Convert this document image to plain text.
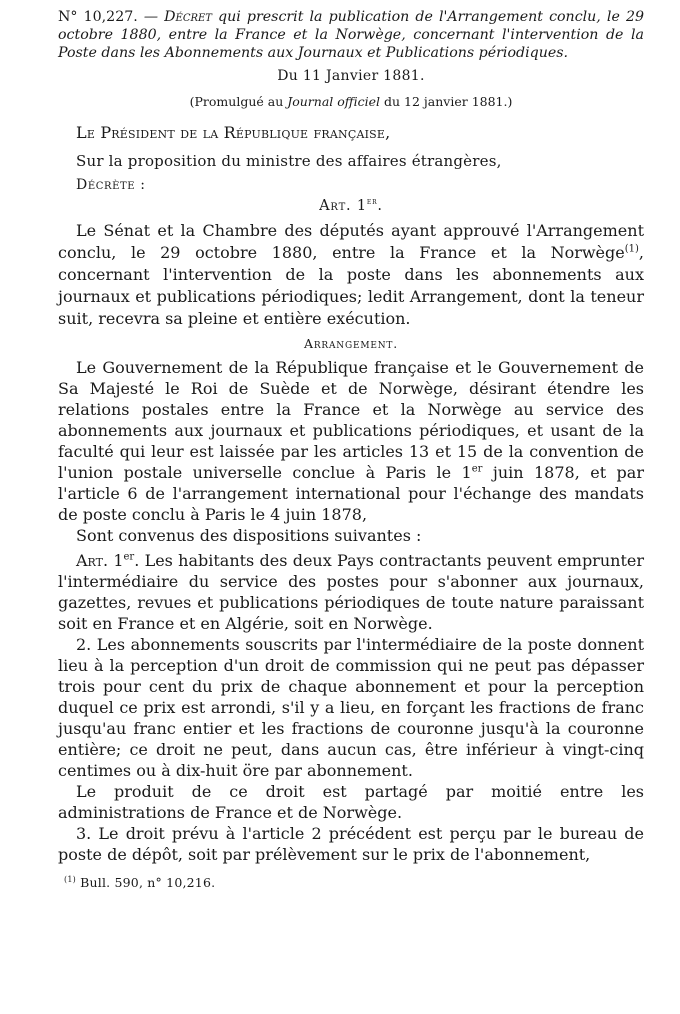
N° 10,227. — Décret qui prescrit la publication de l'Arrangement conclu, le 29 octobre 1880, entre la France et la Norwège, concernant l'intervention de la Poste dans les Abonnements aux Journaux et Publications périodiques.
Du 11 Janvier 1881.
(Promulgué au Journal officiel du 12 janvier 1881.)
Le Président de la République française,
Sur la proposition du ministre des affaires étrangères,
Décrète :
Art. 1er.

Le Sénat et la Chambre des députés ayant approuvé l'Arrangement conclu, le 29 octobre 1880, entre la France et la Norwège$^{(1)}$, concernant l'intervention de la poste dans les abonnements aux journaux et publications périodiques; ledit Arrangement, dont la teneur suit, recevra sa pleine et entière exécution.

Arrangement.

Le Gouvernement de la République française et le Gouvernement de Sa Majesté le Roi de Suède et de Norwège, désirant étendre les relations postales entre la France et la Norwège au service des abonnements aux journaux et publications périodiques, et usant de la faculté qui leur est laissée par les articles 13 et 15 de la convention de l'union postale universelle conclue à Paris le 1er juin 1878, et par l'article 6 de l'arrangement international pour l'échange des mandats de poste conclu à Paris le 4 juin 1878,

Sont convenus des dispositions suivantes :

Art. 1er. Les habitants des deux Pays contractants peuvent emprunter l'intermédiaire du service des postes pour s'abonner aux journaux, gazettes, revues et publications périodiques de toute nature paraissant soit en France et en Algérie, soit en Norwège.

2. Les abonnements souscrits par l'intermédiaire de la poste donnent lieu à la perception d'un droit de commission qui ne peut pas dépasser trois pour cent du prix de chaque abonnement et pour la perception duquel ce prix est arrondi, s'il y a lieu, en forçant les fractions de franc jusqu'au franc entier et les fractions de couronne jusqu'à la couronne entière; ce droit ne peut, dans aucun cas, être inférieur à vingt-cinq centimes ou à dix-huit öre par abonnement.

Le produit de ce droit est partagé par moitié entre les administrations de France et de Norwège.

3. Le droit prévu à l'article 2 précédent est perçu par le bureau de poste de dépôt, soit par prélèvement sur le prix de l'abonnement,

$^{(1)}$ Bull. 590, n° 10,216.
